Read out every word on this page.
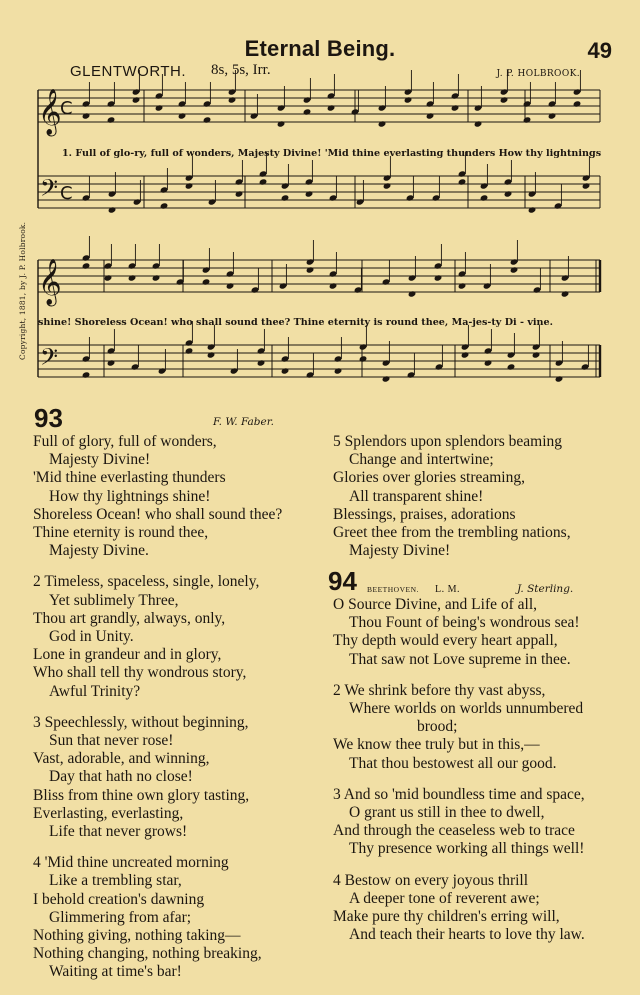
Eternal Being.	49
GLENTWORTH. 8s, 5s, Irr.	J. P. HOLBROOK.
Copyright, 1881, by J. P. Holbrook.
𝄞
𝄢
C
C
𝄞
𝄢
1. Full of glo-ry, full of wonders, Majesty Divine! 'Mid thine everlasting thunders How thy lightnings
shine! Shoreless Ocean! who shall sound thee? Thine eternity is round thee, Ma-jes-ty Di - vine.
93	F. W. Faber.
Full of glory, full of wonders,
Majesty Divine!
'Mid thine everlasting thunders
How thy lightnings shine!
Shoreless Ocean! who shall sound thee?
Thine eternity is round thee,
Majesty Divine.
2 Timeless, spaceless, single, lonely,
Yet sublimely Three,
Thou art grandly, always, only,
God in Unity.
Lone in grandeur and in glory,
Who shall tell thy wondrous story,
Awful Trinity?
3 Speechlessly, without beginning,
Sun that never rose!
Vast, adorable, and winning,
Day that hath no close!
Bliss from thine own glory tasting,
Everlasting, everlasting,
Life that never grows!
4 'Mid thine uncreated morning
Like a trembling star,
I behold creation's dawning
Glimmering from afar;
Nothing giving, nothing taking—
Nothing changing, nothing breaking,
Waiting at time's bar!
5 Splendors upon splendors beaming
Change and intertwine;
Glories over glories streaming,
All transparent shine!
Blessings, praises, adorations
Greet thee from the trembling nations,
Majesty Divine!
94 BEETHOVEN. L. M.	J. Sterling.
O Source Divine, and Life of all,
Thou Fount of being's wondrous sea!
Thy depth would every heart appall,
That saw not Love supreme in thee.
2 We shrink before thy vast abyss,
Where worlds on worlds unnumbered
brood;
We know thee truly but in this,—
That thou bestowest all our good.
3 And so 'mid boundless time and space,
O grant us still in thee to dwell,
And through the ceaseless web to trace
Thy presence working all things well!
4 Bestow on every joyous thrill
A deeper tone of reverent awe;
Make pure thy children's erring will,
And teach their hearts to love thy law.
